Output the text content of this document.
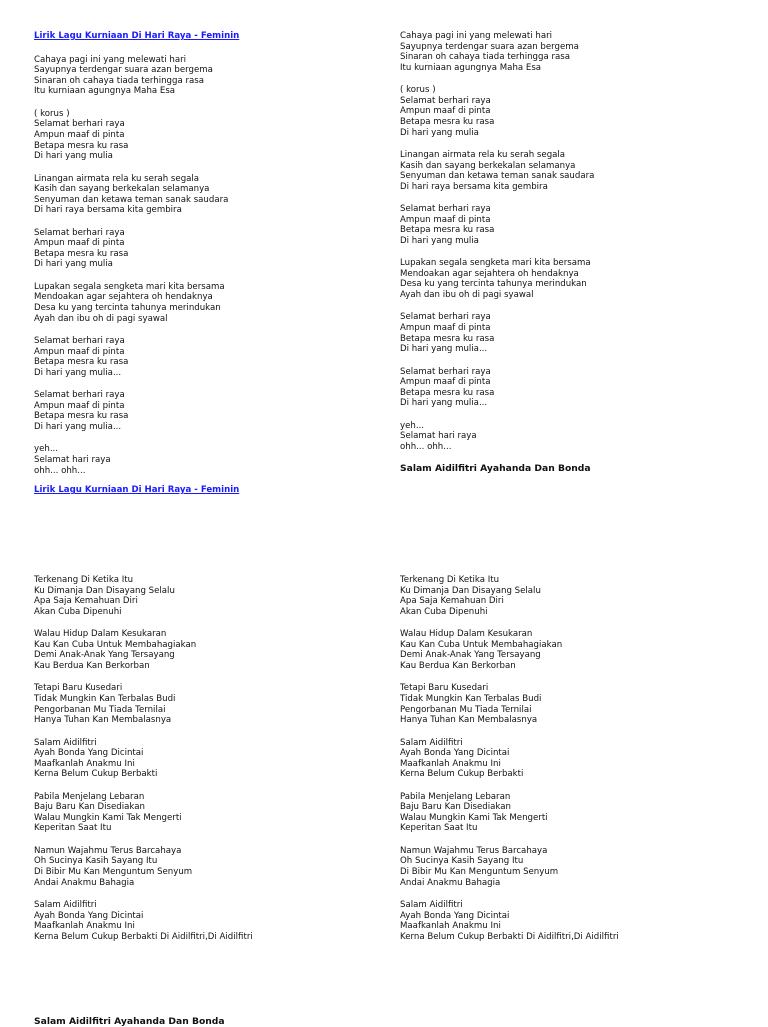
Lirik Lagu Kurniaan Di Hari Raya - Feminin
Cahaya pagi ini yang melewati hari
Sayupnya terdengar suara azan bergema
Sinaran oh cahaya tiada terhingga rasa
Itu kurniaan agungnya Maha Esa
( korus )
Selamat berhari raya
Ampun maaf di pinta
Betapa mesra ku rasa
Di hari yang mulia
Linangan airmata rela ku serah segala
Kasih dan sayang berkekalan selamanya
Senyuman dan ketawa teman sanak saudara
Di hari raya bersama kita gembira
Selamat berhari raya
Ampun maaf di pinta
Betapa mesra ku rasa
Di hari yang mulia
Lupakan segala sengketa mari kita bersama
Mendoakan agar sejahtera oh hendaknya
Desa ku yang tercinta tahunya merindukan
Ayah dan ibu oh di pagi syawal
Selamat berhari raya
Ampun maaf di pinta
Betapa mesra ku rasa
Di hari yang mulia...
Selamat berhari raya
Ampun maaf di pinta
Betapa mesra ku rasa
Di hari yang mulia...
yeh...
Selamat hari raya
ohh... ohh...
Lirik Lagu Kurniaan Di Hari Raya - Feminin
Cahaya pagi ini yang melewati hari
Sayupnya terdengar suara azan bergema
Sinaran oh cahaya tiada terhingga rasa
Itu kurniaan agungnya Maha Esa
( korus )
Selamat berhari raya
Ampun maaf di pinta
Betapa mesra ku rasa
Di hari yang mulia
Linangan airmata rela ku serah segala
Kasih dan sayang berkekalan selamanya
Senyuman dan ketawa teman sanak saudara
Di hari raya bersama kita gembira
Selamat berhari raya
Ampun maaf di pinta
Betapa mesra ku rasa
Di hari yang mulia
Lupakan segala sengketa mari kita bersama
Mendoakan agar sejahtera oh hendaknya
Desa ku yang tercinta tahunya merindukan
Ayah dan ibu oh di pagi syawal
Selamat berhari raya
Ampun maaf di pinta
Betapa mesra ku rasa
Di hari yang mulia...
Selamat berhari raya
Ampun maaf di pinta
Betapa mesra ku rasa
Di hari yang mulia...
yeh...
Selamat hari raya
ohh... ohh...
Salam Aidilfitri Ayahanda Dan Bonda
Terkenang Di Ketika Itu
Ku Dimanja Dan Disayang Selalu
Apa Saja Kemahuan Diri
Akan Cuba Dipenuhi
Walau Hidup Dalam Kesukaran
Kau Kan Cuba Untuk Membahagiakan
Demi Anak-Anak Yang Tersayang
Kau Berdua Kan Berkorban
Tetapi Baru Kusedari
Tidak Mungkin Kan Terbalas Budi
Pengorbanan Mu Tiada Ternilai
Hanya Tuhan Kan Membalasnya
Salam Aidilfitri
Ayah Bonda Yang Dicintai
Maafkanlah Anakmu Ini
Kerna Belum Cukup Berbakti
Pabila Menjelang Lebaran
Baju Baru Kan Disediakan
Walau Mungkin Kami Tak Mengerti
Keperitan Saat Itu
Namun Wajahmu Terus Barcahaya
Oh Sucinya Kasih Sayang Itu
Di Bibir Mu Kan Menguntum Senyum
Andai Anakmu Bahagia
Salam Aidilfitri
Ayah Bonda Yang Dicintai
Maafkanlah Anakmu Ini
Kerna Belum Cukup Berbakti Di Aidilfitri,Di Aidilfitri
Terkenang Di Ketika Itu
Ku Dimanja Dan Disayang Selalu
Apa Saja Kemahuan Diri
Akan Cuba Dipenuhi
Walau Hidup Dalam Kesukaran
Kau Kan Cuba Untuk Membahagiakan
Demi Anak-Anak Yang Tersayang
Kau Berdua Kan Berkorban
Tetapi Baru Kusedari
Tidak Mungkin Kan Terbalas Budi
Pengorbanan Mu Tiada Ternilai
Hanya Tuhan Kan Membalasnya
Salam Aidilfitri
Ayah Bonda Yang Dicintai
Maafkanlah Anakmu Ini
Kerna Belum Cukup Berbakti
Pabila Menjelang Lebaran
Baju Baru Kan Disediakan
Walau Mungkin Kami Tak Mengerti
Keperitan Saat Itu
Namun Wajahmu Terus Barcahaya
Oh Sucinya Kasih Sayang Itu
Di Bibir Mu Kan Menguntum Senyum
Andai Anakmu Bahagia
Salam Aidilfitri
Ayah Bonda Yang Dicintai
Maafkanlah Anakmu Ini
Kerna Belum Cukup Berbakti Di Aidilfitri,Di Aidilfitri
Salam Aidilfitri Ayahanda Dan Bonda
